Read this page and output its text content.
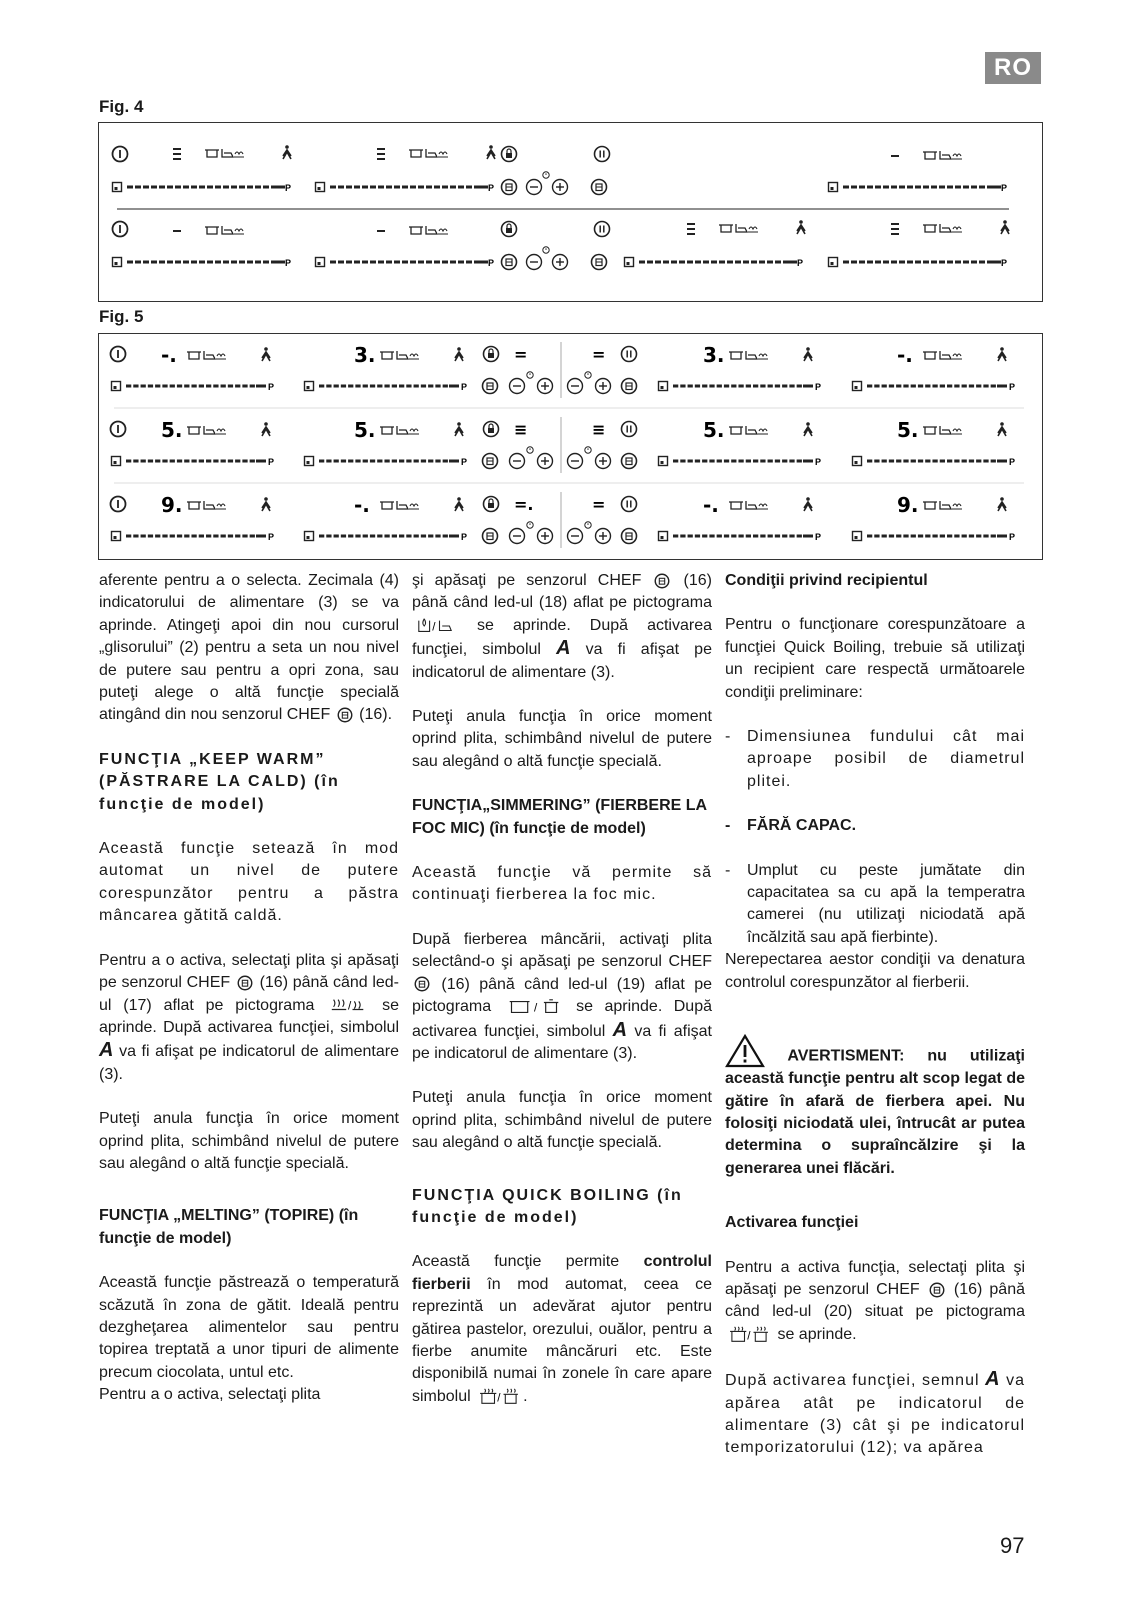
RO
Fig. 4
P	P	P
P	P	P	P
Fig. 5
-.	3.	3.	-.
=	=
P	P	P	P
5.	5.	5.	5.
≡	≡
P	P	P	P
9.	-.	-.	9.
=.	=
P	P	P	P

aferente pentru a o selecta. Zecimala (4) indicatorului de alimentare (3) se va aprinde. Atingeţi apoi din nou cursorul „glisorului” (2) pentru a seta un nou nivel de putere sau pentru a opri zona, sau puteţi alege o altă funcţie specială atingând din nou senzorul CHEF (16).

FUNCŢIA „KEEP WARM” (PĂSTRARE LA CALD) (în funcţie de model)

Această funcţie setează în mod automat un nivel de putere corespunzător pentru a păstra mâncarea gătită caldă.

Pentru a o activa, selectaţi plita şi apăsaţi pe senzorul CHEF (16) până când led-ul (17) aflat pe pictograma	/ se aprinde. După activarea funcţiei, simbolul A va fi afişat pe indicatorul de alimentare (3).

Puteţi anula funcţia în orice moment oprind plita, schimbând nivelul de putere sau alegând o altă funcţie specială.

FUNCŢIA „MELTING” (TOPIRE) (în funcţie de model)

Această funcţie păstrează o temperatură scăzută în zona de gătit. Ideală pentru dezgheţarea alimentelor sau pentru topirea treptată a unor tipuri de alimente precum ciocolata, untul etc.

Pentru a o activa, selectaţi plita

şi apăsaţi pe senzorul CHEF	(16) până când led-ul (18) aflat pe pictograma
/	se aprinde. După activarea funcţiei, simbolul A va fi afişat pe indicatorul de alimentare (3).

Puteţi anula funcţia în orice moment oprind plita, schimbând nivelul de putere sau alegând o altă funcţie specială.

FUNCŢIA„SIMMERING” (FIERBERE LA FOC MIC) (în funcţie de model)

Această funcţie vă permite să continuaţi fierberea la foc mic.

După fierberea mâncării, activaţi plita selectând-o şi apăsaţi pe senzorul CHEF  (16) până când led-ul (19) aflat pe pictograma	/ se aprinde. După activarea funcţiei, simbolul A va fi afişat pe indicatorul de alimentare (3).

Puteţi anula funcţia în orice moment oprind plita, schimbând nivelul de putere sau alegând o altă funcţie specială.

FUNCŢIA QUICK BOILING (în funcţie de model)

Această funcţie permite controlul fierberii în mod automat, ceea ce reprezintă un adevărat ajutor pentru gătirea pastelor, orezului, ouălor, pentru a fierbe anumite mâncăruri etc. Este disponibilă numai în zonele în care apare simbolul / .

Condiţii privind recipientul

Pentru o funcţionare corespunzătoare a funcţiei Quick Boiling, trebuie să utilizaţi un recipient care respectă următoarele condiţii preliminare:

-	Dimensiunea fundului cât mai aproape posibil de diametrul plitei.
-	FĂRĂ CAPAC.
-	Umplut cu peste jumătate din capacitatea sa cu apă la temperatra camerei (nu utilizaţi niciodată apă încălzită sau apă fierbinte).

Nerepectarea aestor condiţii va denatura controlul corespunzător al fierberii.

AVERTISMENT: nu utilizaţi această funcţie pentru alt scop legat de gătire în afară de fierbera apei. Nu folosiţi niciodată ulei, întrucât ar putea determina o supraîncălzire şi la generarea unei flăcări.

Activarea funcţiei

Pentru a activa funcţia, selectaţi plita şi apăsaţi pe senzorul CHEF (16) până când led-ul (20) situat pe pictograma
/ se aprinde.

După activarea funcţiei, semnul A va apărea atât pe indicatorul de alimentare (3) cât şi pe indicatorul temporizatorului (12); va apărea

97
